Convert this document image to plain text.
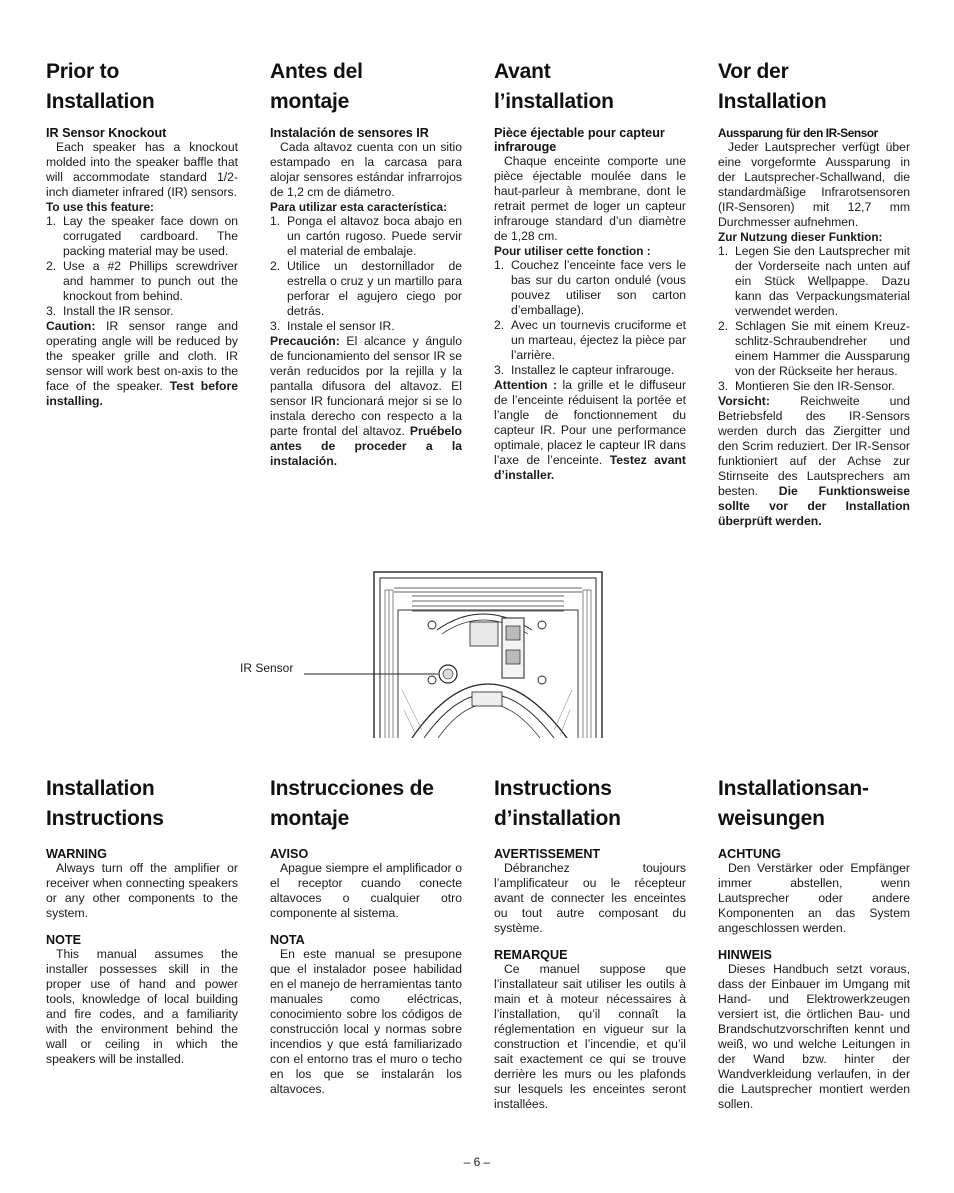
Prior to
Installation
IR Sensor Knockout

Each speaker has a knockout molded into the speaker baffle that will accommodate standard 1/2-inch diameter infrared (IR) sensors.

To use this feature:
1. Lay the speaker face down on corrugated cardboard. The packing material may be used.
2. Use a #2 Phillips screwdriver and hammer to punch out the knockout from behind.
3. Install the IR sensor.

Caution: IR sensor range and operating angle will be reduced by the speaker grille and cloth. IR sensor will work best on-axis to the face of the speaker. Test before installing.

Antes del
montaje
Instalación de sensores IR

Cada altavoz cuenta con un sitio estampado en la carcasa para alojar sensores estándar infrarrojos de 1,2 cm de diámetro.

Para utilizar esta característica:
1. Ponga el altavoz boca abajo en un cartón rugoso. Puede servir el material de embalaje.
2. Utilice un destornillador de estrella o cruz y un martillo para perforar el agujero ciego por detrás.
3. Instale el sensor IR.

Precaución: El alcance y ángulo de funcionamiento del sensor IR se verán reducidos por la rejilla y la pantalla difusora del altavoz. El sensor IR funcionará mejor si se lo instala derecho con respecto a la parte frontal del altavoz. Pruébelo antes de proceder a la instalación.

Avant
l’installation
Pièce éjectable pour capteur infrarouge

Chaque enceinte comporte une pièce éjectable moulée dans le haut-parleur à membrane, dont le retrait permet de loger un capteur infrarouge standard d’un diamètre de 1,28 cm.

Pour utiliser cette fonction :
1. Couchez l’enceinte face vers le bas sur du carton ondulé (vous pouvez utiliser son carton d’emballage).
2. Avec un tournevis cruciforme et un marteau, éjectez la pièce par l’arrière.
3. Installez le capteur infrarouge.

Attention : la grille et le diffuseur de l’enceinte réduisent la portée et l’angle de fonctionnement du capteur IR. Pour une performance optimale, placez le capteur IR dans l’axe de l’enceinte. Testez avant d’installer.

Vor der
Installation
Aussparung für den IR-Sensor

Jeder Lautsprecher verfügt über eine vorgeformte Aussparung in der Lautsprecher-Schallwand, die standardmäßige Infrarotsensoren (IR-Sensoren) mit 12,7 mm Durchmesser aufnehmen.

Zur Nutzung dieser Funktion:
1. Legen Sie den Lautsprecher mit der Vorderseite nach unten auf ein Stück Wellpappe. Dazu kann das Verpackungsmaterial verwendet werden.
2. Schlagen Sie mit einem Kreuz-schlitz-Schraubendreher und einem Hammer die Aussparung von der Rückseite her heraus.
3. Montieren Sie den IR-Sensor.

Vorsicht: Reichweite und Betriebsfeld des IR-Sensors werden durch das Ziergitter und den Scrim reduziert. Der IR-Sensor funktioniert auf der Achse zur Stirnseite des Lautsprechers am besten. Die Funktionsweise sollte vor der Installation überprüft werden.

IR Sensor
Installation
Instructions
WARNING

Always turn off the amplifier or receiver when connecting speakers or any other components to the system.

NOTE

This manual assumes the installer possesses skill in the proper use of hand and power tools, knowledge of local building and fire codes, and a familiarity with the environment behind the wall or ceiling in which the speakers will be installed.

Instrucciones de
montaje
AVISO

Apague siempre el amplificador o el receptor cuando conecte altavoces o cualquier otro componente al sistema.

NOTA

En este manual se presupone que el instalador posee habilidad en el manejo de herramientas tanto manuales como eléctricas, conocimiento sobre los códigos de construcción local y normas sobre incendios y que está familiarizado con el entorno tras el muro o techo en los que se instalarán los altavoces.

Instructions
d’installation
AVERTISSEMENT

Débranchez toujours l’amplificateur ou le récepteur avant de connecter les enceintes ou tout autre composant du système.

REMARQUE

Ce manuel suppose que l’installateur sait utiliser les outils à main et à moteur nécessaires à l’installation, qu’il connaît la réglementation en vigueur sur la construction et l’incendie, et qu’il sait exactement ce qui se trouve derrière les murs ou les plafonds sur lesquels les enceintes seront installées.

Installationsan-
weisungen
ACHTUNG

Den Verstärker oder Empfänger immer abstellen, wenn Lautsprecher oder andere Komponenten an das System angeschlossen werden.

HINWEIS

Dieses Handbuch setzt voraus, dass der Einbauer im Umgang mit Hand- und Elektrowerkzeugen versiert ist, die örtlichen Bau- und Brandschutzvorschriften kennt und weiß, wo und welche Leitungen in der Wand bzw. hinter der Wandverkleidung verlaufen, in der die Lautsprecher montiert werden sollen.

– 6 –
